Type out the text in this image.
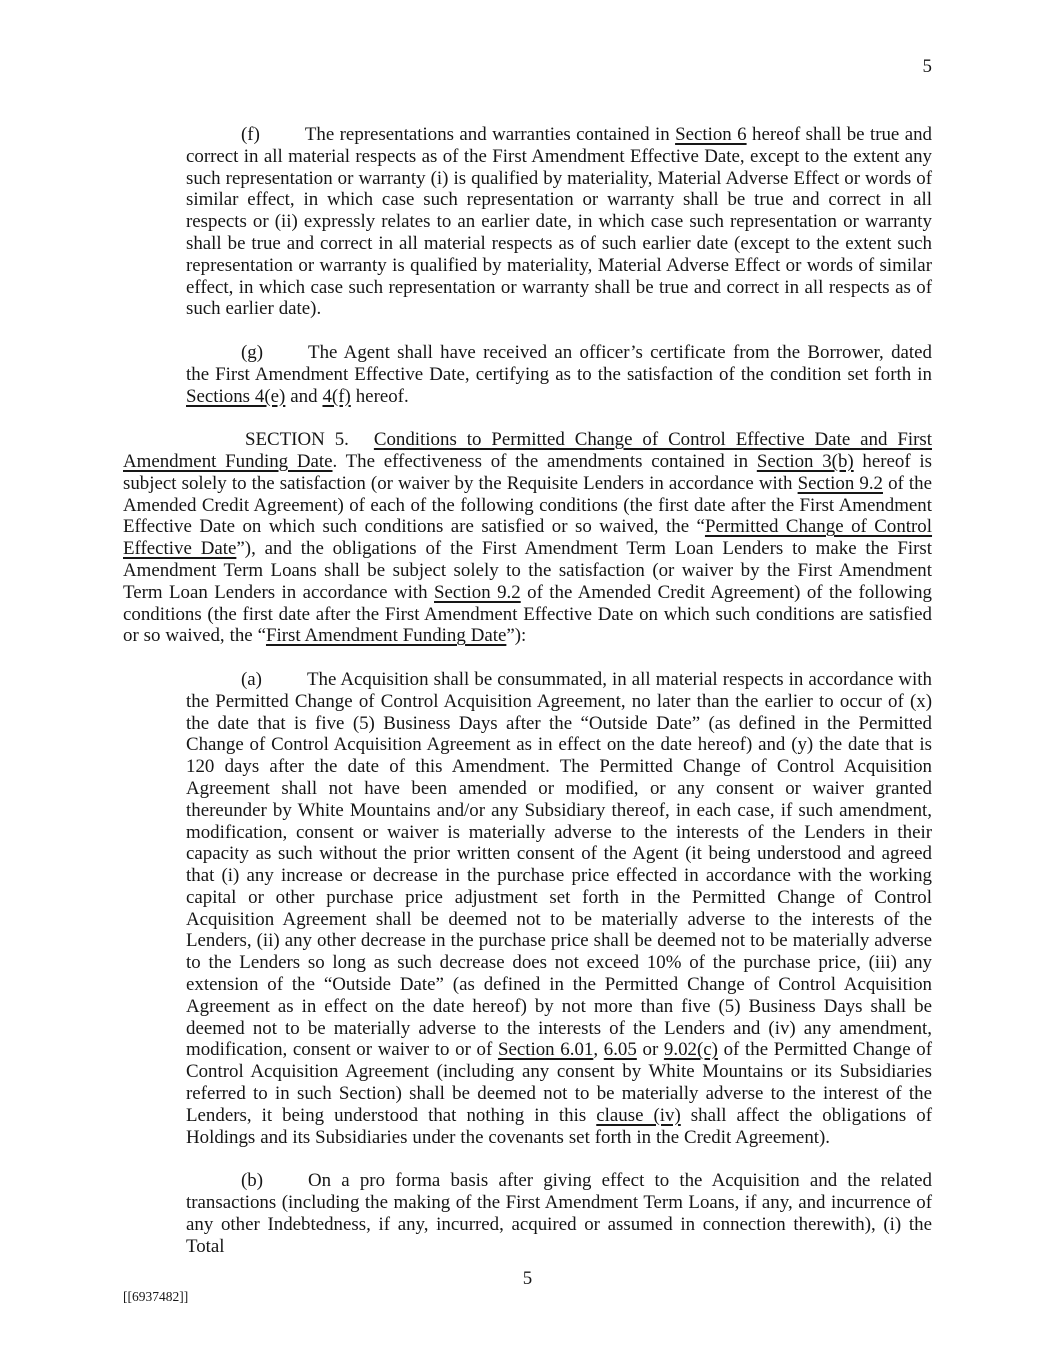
5

(f) The representations and warranties contained in Section 6 hereof shall be true and correct in all material respects as of the First Amendment Effective Date, except to the extent any such representation or warranty (i) is qualified by materiality, Material Adverse Effect or words of similar effect, in which case such representation or warranty shall be true and correct in all respects or (ii) expressly relates to an earlier date, in which case such representation or warranty shall be true and correct in all material respects as of such earlier date (except to the extent such representation or warranty is qualified by materiality, Material Adverse Effect or words of similar effect, in which case such representation or warranty shall be true and correct in all respects as of such earlier date).

(g) The Agent shall have received an officer’s certificate from the Borrower, dated the First Amendment Effective Date, certifying as to the satisfaction of the condition set forth in Sections 4(e) and 4(f) hereof.

SECTION 5. Conditions to Permitted Change of Control Effective Date and First Amendment Funding Date. The effectiveness of the amendments contained in Section 3(b) hereof is subject solely to the satisfaction (or waiver by the Requisite Lenders in accordance with Section 9.2 of the Amended Credit Agreement) of each of the following conditions (the first date after the First Amendment Effective Date on which such conditions are satisfied or so waived, the “Permitted Change of Control Effective Date”), and the obligations of the First Amendment Term Loan Lenders to make the First Amendment Term Loans shall be subject solely to the satisfaction (or waiver by the First Amendment Term Loan Lenders in accordance with Section 9.2 of the Amended Credit Agreement) of the following conditions (the first date after the First Amendment Effective Date on which such conditions are satisfied or so waived, the “First Amendment Funding Date”):

(a) The Acquisition shall be consummated, in all material respects in accordance with the Permitted Change of Control Acquisition Agreement, no later than the earlier to occur of (x) the date that is five (5) Business Days after the “Outside Date” (as defined in the Permitted Change of Control Acquisition Agreement as in effect on the date hereof) and (y) the date that is 120 days after the date of this Amendment. The Permitted Change of Control Acquisition Agreement shall not have been amended or modified, or any consent or waiver granted thereunder by White Mountains and/or any Subsidiary thereof, in each case, if such amendment, modification, consent or waiver is materially adverse to the interests of the Lenders in their capacity as such without the prior written consent of the Agent (it being understood and agreed that (i) any increase or decrease in the purchase price effected in accordance with the working capital or other purchase price adjustment set forth in the Permitted Change of Control Acquisition Agreement shall be deemed not to be materially adverse to the interests of the Lenders, (ii) any other decrease in the purchase price shall be deemed not to be materially adverse to the Lenders so long as such decrease does not exceed 10% of the purchase price, (iii) any extension of the “Outside Date” (as defined in the Permitted Change of Control Acquisition Agreement as in effect on the date hereof) by not more than five (5) Business Days shall be deemed not to be materially adverse to the interests of the Lenders and (iv) any amendment, modification, consent or waiver to or of Section 6.01, 6.05 or 9.02(c) of the Permitted Change of Control Acquisition Agreement (including any consent by White Mountains or its Subsidiaries referred to in such Section) shall be deemed not to be materially adverse to the interest of the Lenders, it being understood that nothing in this clause (iv) shall affect the obligations of Holdings and its Subsidiaries under the covenants set forth in the Credit Agreement).

(b) On a pro forma basis after giving effect to the Acquisition and the related transactions (including the making of the First Amendment Term Loans, if any, and incurrence of any other Indebtedness, if any, incurred, acquired or assumed in connection therewith), (i) the Total

5
[[6937482]]
